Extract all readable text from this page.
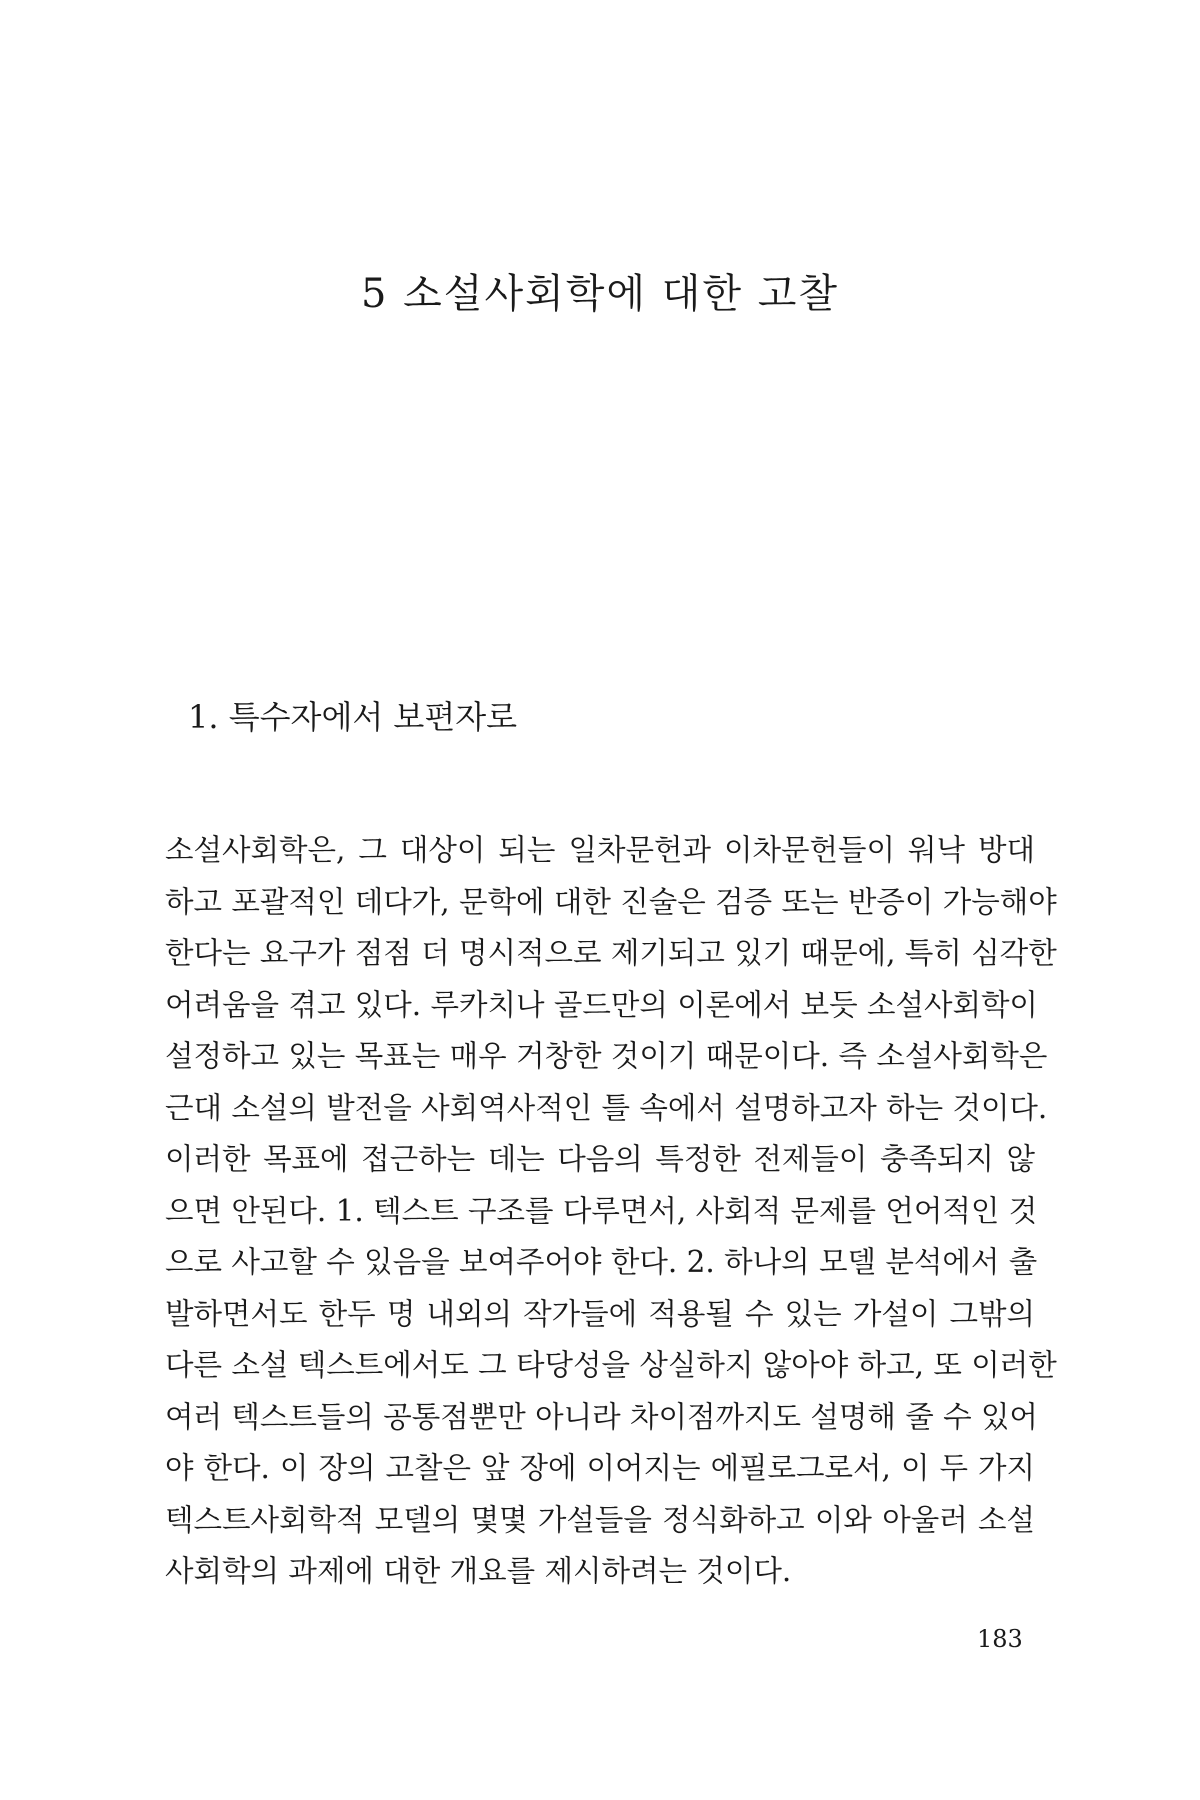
5 소설사회학에 대한 고찰
1. 특수자에서 보편자로
소설사회학은, 그 대상이 되는 일차문헌과 이차문헌들이 워낙 방대
하고 포괄적인 데다가, 문학에 대한 진술은 검증 또는 반증이 가능해야
한다는 요구가 점점 더 명시적으로 제기되고 있기 때문에, 특히 심각한
어려움을 겪고 있다. 루카치나 골드만의 이론에서 보듯 소설사회학이
설정하고 있는 목표는 매우 거창한 것이기 때문이다. 즉 소설사회학은
근대 소설의 발전을 사회역사적인 틀 속에서 설명하고자 하는 것이다.
이러한 목표에 접근하는 데는 다음의 특정한 전제들이 충족되지 않
으면 안된다. 1. 텍스트 구조를 다루면서, 사회적 문제를 언어적인 것
으로 사고할 수 있음을 보여주어야 한다. 2. 하나의 모델 분석에서 출
발하면서도 한두 명 내외의 작가들에 적용될 수 있는 가설이 그밖의
다른 소설 텍스트에서도 그 타당성을 상실하지 않아야 하고, 또 이러한
여러 텍스트들의 공통점뿐만 아니라 차이점까지도 설명해 줄 수 있어
야 한다. 이 장의 고찰은 앞 장에 이어지는 에필로그로서, 이 두 가지
텍스트사회학적 모델의 몇몇 가설들을 정식화하고 이와 아울러 소설
사회학의 과제에 대한 개요를 제시하려는 것이다.
183
